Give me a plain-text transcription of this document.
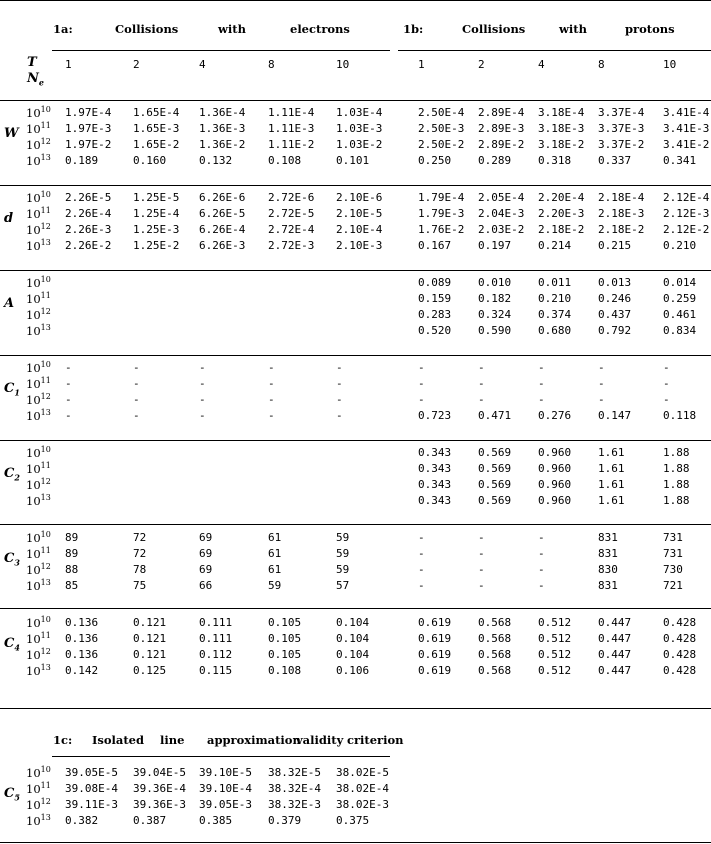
1a:	Collisions	with	electrons	1b:	Collisions	with	protons
T
$N_e$
1	2	4	8	10	1	2	4	8	10
W
$10^{10}$ 1.97E-4 1.65E-4 1.36E-4 1.11E-4 1.03E-4	2.50E-4 2.89E-4 3.18E-4 3.37E-4 3.41E-4
$10^{11}$ 1.97E-3 1.65E-3 1.36E-3 1.11E-3 1.03E-3	2.50E-3 2.89E-3 3.18E-3 3.37E-3 3.41E-3
$10^{12}$ 1.97E-2 1.65E-2 1.36E-2 1.11E-2 1.03E-2	2.50E-2 2.89E-2 3.18E-2 3.37E-2 3.41E-2
$10^{13}$ 0.189	0.160	0.132	0.108	0.101	0.250 0.289 0.318 0.337	0.341
d
$10^{10}$ 2.26E-5 1.25E-5 6.26E-6 2.72E-6 2.10E-6	1.79E-4 2.05E-4 2.20E-4 2.18E-4 2.12E-4
$10^{11}$ 2.26E-4 1.25E-4 6.26E-5 2.72E-5 2.10E-5	1.79E-3 2.04E-3 2.20E-3 2.18E-3 2.12E-3
$10^{12}$ 2.26E-3 1.25E-3 6.26E-4 2.72E-4 2.10E-4	1.76E-2 2.03E-2 2.18E-2 2.18E-2 2.12E-2
$10^{13}$ 2.26E-2 1.25E-2 6.26E-3 2.72E-3 2.10E-3	0.167 0.197 0.214 0.215	0.210
A
$10^{10}$	0.089 0.010 0.011 0.013	0.014
$10^{11}$	0.159 0.182 0.210 0.246	0.259
$10^{12}$	0.283 0.324 0.374 0.437	0.461
$10^{13}$	0.520 0.590 0.680 0.792	0.834
$C_1$
$10^{10}$ -	-	-	-	-	-	-	-	-	-
$10^{11}$ -	-	-	-	-	-	-	-	-	-
$10^{12}$ -	-	-	-	-	-	-	-	-	-
$10^{13}$ -	-	-	-	-	0.723 0.471 0.276 0.147	0.118
$C_2$
$10^{10}$	0.343 0.569 0.960 1.61	1.88
$10^{11}$	0.343 0.569 0.960 1.61	1.88
$10^{12}$	0.343 0.569 0.960 1.61	1.88
$10^{13}$	0.343 0.569 0.960 1.61	1.88
$C_3$
$10^{10}$ 89	72	69	61	59	-	-	-	831	731
$10^{11}$ 89	72	69	61	59	-	-	-	831	731
$10^{12}$ 88	78	69	61	59	-	-	-	830	730
$10^{13}$ 85	75	66	59	57	-	-	-	831	721
$C_4$
$10^{10}$ 0.136	0.121	0.111	0.105	0.104	0.619 0.568 0.512 0.447	0.428
$10^{11}$ 0.136	0.121	0.111	0.105	0.104	0.619 0.568 0.512 0.447	0.428
$10^{12}$ 0.136	0.121	0.112	0.105	0.104	0.619 0.568 0.512 0.447	0.428
$10^{13}$ 0.142	0.125	0.115	0.108	0.106	0.619 0.568 0.512 0.447	0.428
1c: Isolated line approximation
validity criterion
$C_5$
$10^{10}$ 39.05E-5 39.04E-5 39.10E-5 38.32E-5 38.02E-5
$10^{11}$ 39.08E-4 39.36E-4 39.10E-4 38.32E-4 38.02E-4
$10^{12}$ 39.11E-3 39.36E-3 39.05E-3 38.32E-3 38.02E-3
$10^{13}$ 0.382	0.387	0.385	0.379	0.375
